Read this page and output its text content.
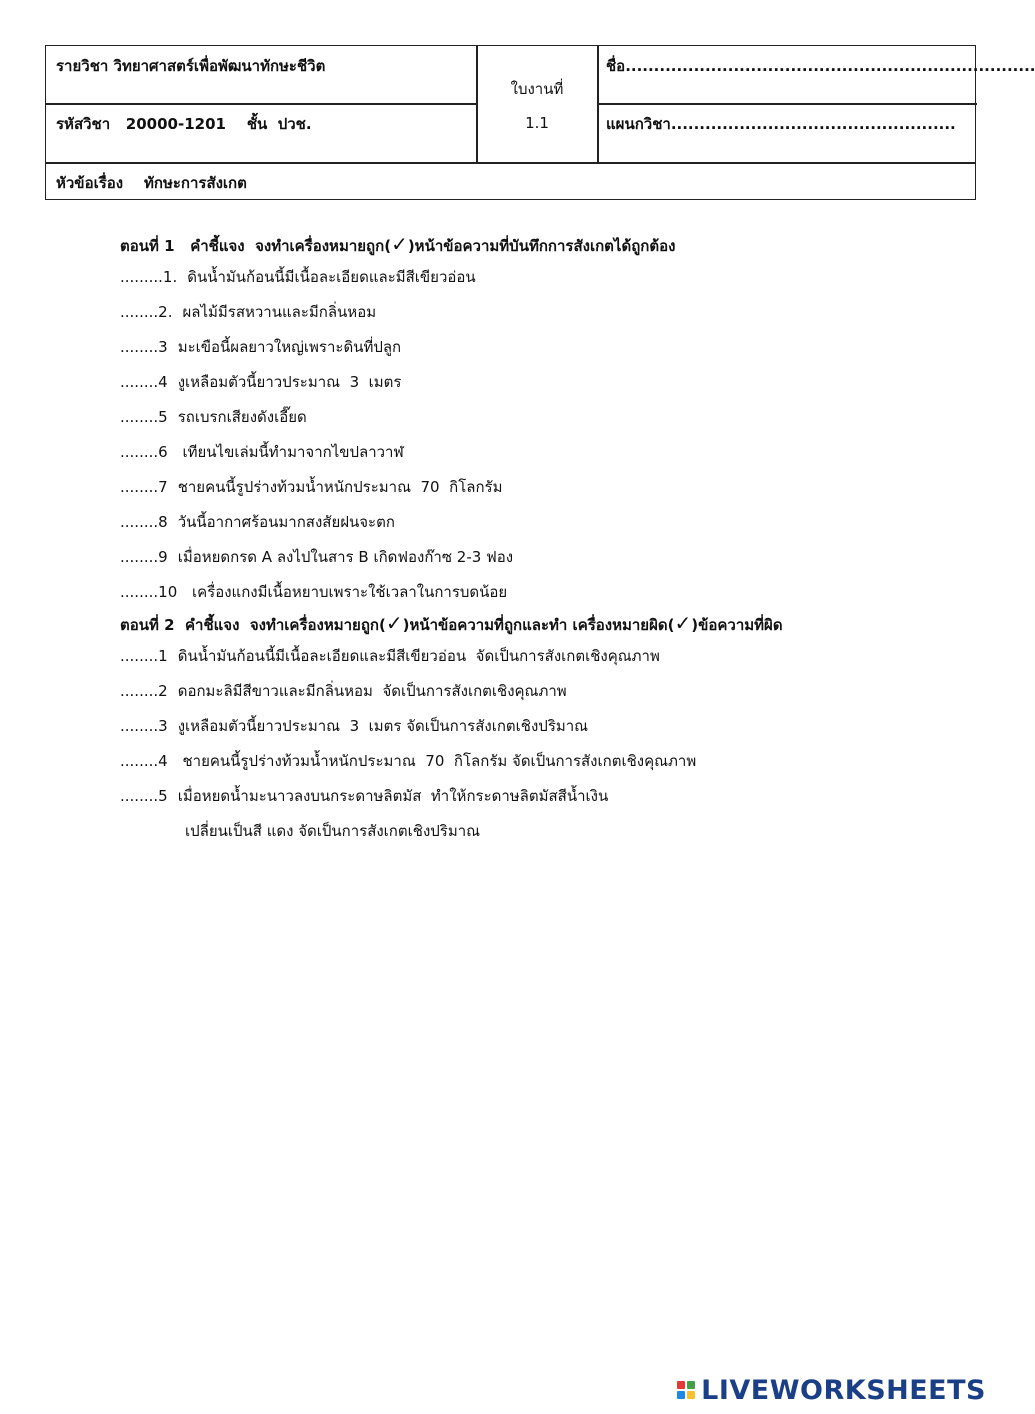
รายวิชา วิทยาศาสตร์เพื่อพัฒนาทักษะชีวิต
รหัสวิชา   20000-1201    ชั้น  ปวช.
ใบงานที่
1.1
ชื่อ........................................................................
แผนกวิชา..................................................
หัวข้อเรื่อง    ทักษะการสังเกต
ตอนที่ 1   คำชี้แจง  จงทำเครื่องหมายถูก(✓)หน้าข้อความที่บันทึกการสังเกตได้ถูกต้อง
.........1. ดินน้ำมันก้อนนี้มีเนื้อละเอียดและมีสีเขียวอ่อน
........2. ผลไม้มีรสหวานและมีกลิ่นหอม
........3 มะเขือนี้ผลยาวใหญ่เพราะดินที่ปลูก
........4 งูเหลือมตัวนี้ยาวประมาณ  3  เมตร
........5 รถเบรกเสียงดังเอี๊ยด
........6 เทียนไขเล่มนี้ทำมาจากไขปลาวาฬ
........7 ชายคนนี้รูปร่างท้วมน้ำหนักประมาณ  70  กิโลกรัม
........8 วันนี้อากาศร้อนมากสงสัยฝนจะตก
........9 เมื่อหยดกรด A ลงไปในสาร B เกิดฟองก๊าซ 2-3 ฟอง
........10 เครื่องแกงมีเนื้อหยาบเพราะใช้เวลาในการบดน้อย
ตอนที่ 2  คำชี้แจง  จงทำเครื่องหมายถูก(✓)หน้าข้อความที่ถูกและทำ เครื่องหมายผิด(✓)ข้อความที่ผิด
........1 ดินน้ำมันก้อนนี้มีเนื้อละเอียดและมีสีเขียวอ่อน  จัดเป็นการสังเกตเชิงคุณภาพ
........2 ดอกมะลิมีสีขาวและมีกลิ่นหอม  จัดเป็นการสังเกตเชิงคุณภาพ
........3 งูเหลือมตัวนี้ยาวประมาณ  3  เมตร จัดเป็นการสังเกตเชิงปริมาณ
........4 ชายคนนี้รูปร่างท้วมน้ำหนักประมาณ  70  กิโลกรัม จัดเป็นการสังเกตเชิงคุณภาพ
........5 เมื่อหยดน้ำมะนาวลงบนกระดาษลิตมัส  ทำให้กระดาษลิตมัสสีน้ำเงิน
เปลี่ยนเป็นสี แดง จัดเป็นการสังเกตเชิงปริมาณ
LIVEWORKSHEETS
